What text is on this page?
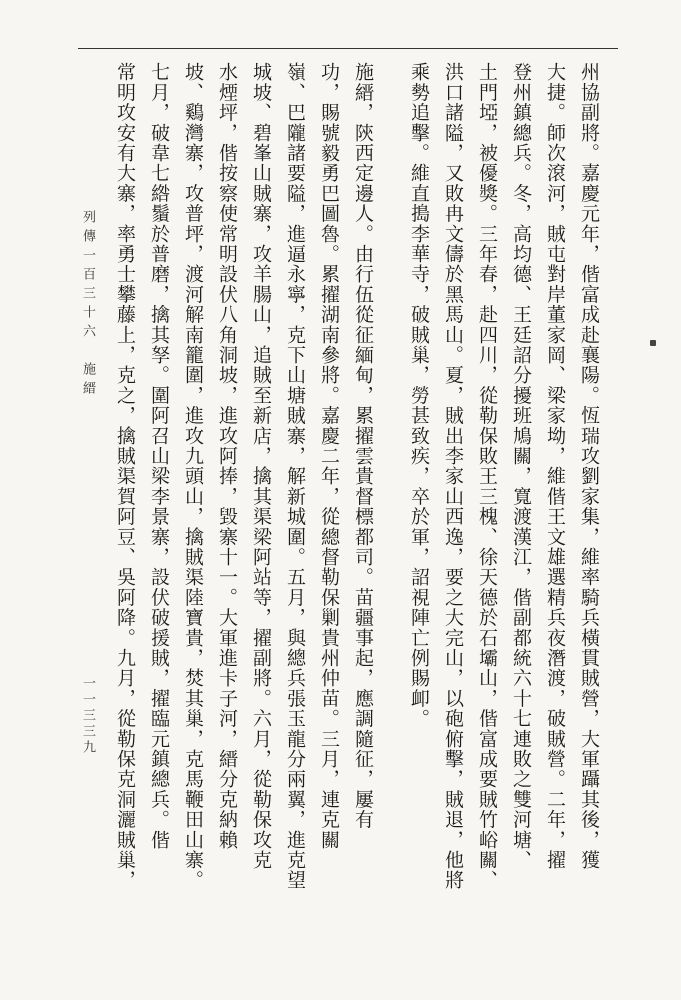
州協副將。嘉慶元年，偕富成赴襄陽。恆瑞攻劉家集，維率騎兵橫貫賊營，大軍躡其後，獲
大捷。師次滾河，賊屯對岸董家岡、梁家坳，維偕王文雄選精兵夜潛渡，破賊營。二年，擢
登州鎮總兵。冬，高均德、王廷詔分擾班鳩關，寬渡漢江，偕副都統六十七連敗之雙河塘、
土門埡，被優獎。三年春，赴四川，從勒保敗王三槐、徐天德於石壩山，偕富成要賊竹峪關、
洪口諸隘，又敗冉文儔於黑馬山。夏，賊出李家山西逸，要之大完山，以砲俯擊，賊退，他將
乘勢追擊。維直搗李華寺，破賊巢，勞甚致疾，卒於軍，詔視陣亡例賜卹。
施縉，陝西定邊人。由行伍從征緬甸，累擢雲貴督標都司。苗疆事起，應調隨征，屢有
功，賜號毅勇巴圖魯。累擢湖南參將。嘉慶二年，從總督勒保剿貴州仲苗。三月，連克關
嶺、巴隴諸要隘，進逼永寧，克下山塘賊寨，解新城圍。五月，與總兵張玉龍分兩翼，進克望
城坡、碧峯山賊寨，攻羊腸山，追賊至新店，擒其渠梁阿站等，擢副將。六月，從勒保攻克
水煙坪，偕按察使常明設伏八角洞坡，進攻阿捧，毀寨十一。大軍進卡子河，縉分克納賴
坡、鷄灣寨，攻普坪，渡河解南籠圍，進攻九頭山，擒賊渠陸寶貴，焚其巢，克馬鞭田山寨。
七月，破韋七綹鬚於普磨，擒其孥。圍阿召山梁李景寨，設伏破援賊，擢臨元鎮總兵。偕
常明攻安有大寨，率勇士攀藤上，克之，擒賊渠賀阿豆、吳阿降。九月，從勒保克洞灑賊巢，
列傳一百三十六　施縉
一一三三九
